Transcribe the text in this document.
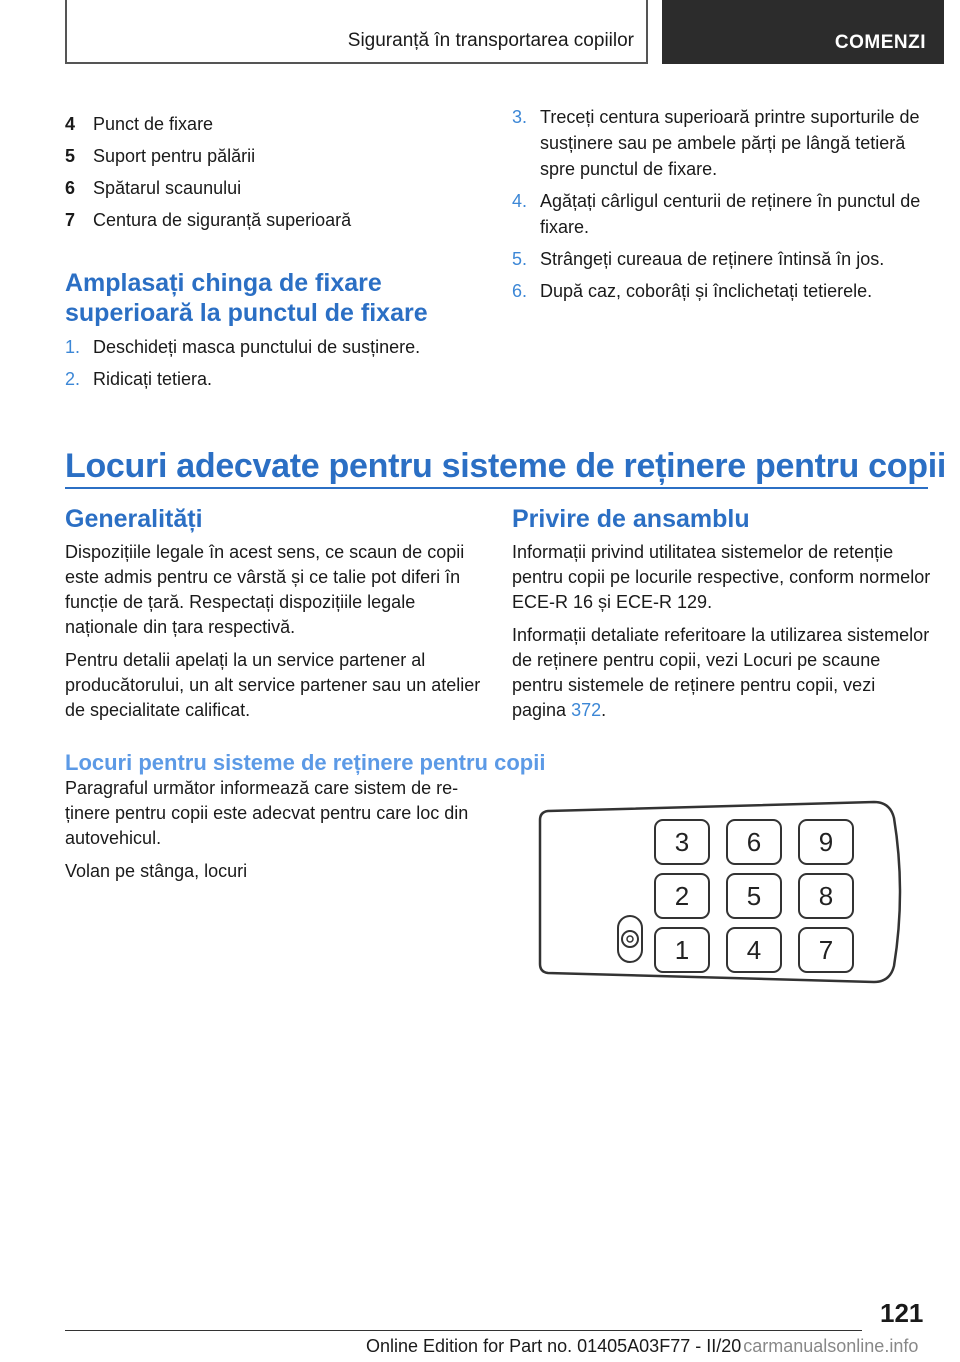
Siguranță în transportarea copiilor	COMENZI
4 Punct de fixare
5 Suport pentru pălării
6 Spătarul scaunului
7 Centura de siguranță superioară
Amplasați chinga de fixare
superioară la punctul de fixare
1. Deschideți masca punctului de susținere.
2. Ridicați tetiera.
3. Treceți centura superioară printre suporturile de susținere sau pe ambele părți pe lângă tetieră spre punctul de fixare.
4. Agățați cârligul centurii de reținere în punctul de fixare.
5. Strângeți cureaua de reținere întinsă în jos.
6. După caz, coborâți și înclichetați tetierele.
Locuri adecvate pentru sisteme de reținere pentru copii
Generalități

Dispozițiile legale în acest sens, ce scaun de copii este admis pentru ce vârstă și ce talie pot diferi în funcție de țară. Respectați dispozițiile legale naționale din țara respectivă.

Pentru detalii apelați la un service partener al producătorului, un alt service partener sau un atelier de specialitate calificat.

Privire de ansamblu

Informații privind utilitatea sistemelor de retenție pentru copii pe locurile respective, conform normelor ECE-R 16 și ECE-R 129.

Informații detaliate referitoare la utilizarea sistemelor de reținere pentru copii, vezi Locuri pe scaune pentru sistemele de reținere pentru copii, vezi pagina 372.

Locuri pentru sisteme de reținere pentru copii

Paragraful următor informează care sistem de reținere pentru copii este adecvat pentru care loc din autovehicul.

Volan pe stânga, locuri

3 6 9
2 5 8
1 4 7
121
Online Edition for Part no. 01405A03F77 - II/20 carmanualsonline.info
